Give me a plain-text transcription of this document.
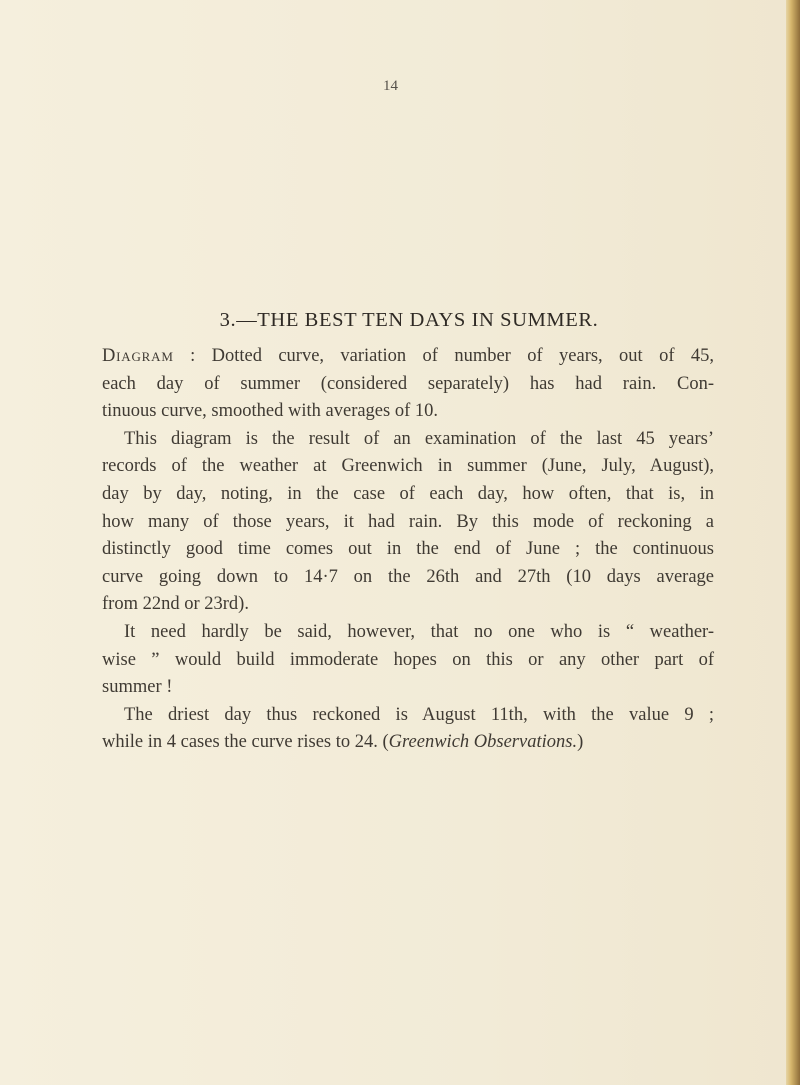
14
3.—THE BEST TEN DAYS IN SUMMER.
Diagram : Dotted curve, variation of number of years, out of 45,
each day of summer (considered separately) has had rain. Con-
tinuous curve, smoothed with averages of 10.
This diagram is the result of an examination of the last 45 years’
records of the weather at Greenwich in summer (June, July, August),
day by day, noting, in the case of each day, how often, that is, in
how many of those years, it had rain. By this mode of reckoning a
distinctly good time comes out in the end of June ; the continuous
curve going down to 14·7 on the 26th and 27th (10 days average
from 22nd or 23rd).
It need hardly be said, however, that no one who is “ weather-
wise ” would build immoderate hopes on this or any other part of
summer !
The driest day thus reckoned is August 11th, with the value 9 ;
while in 4 cases the curve rises to 24. (Greenwich Observations.)
